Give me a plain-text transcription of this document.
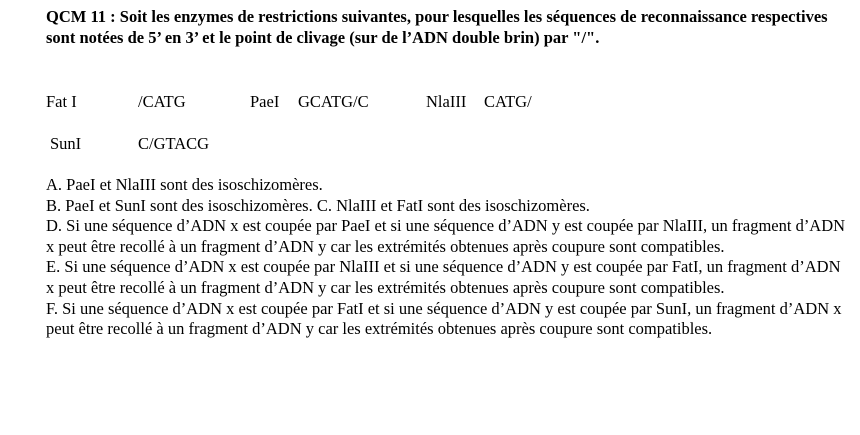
QCM 11 : Soit les enzymes de restrictions suivantes, pour lesquelles les séquences de reconnaissance respectives sont notées de 5’ en 3’ et le point de clivage (sur de l’ADN double brin) par "/".
Fat I	/CATG	PaeI GCATG/C	NlaIII CATG/
SunI	C/GTACG
A. PaeI et NlaIII sont des isoschizomères.
B. PaeI et SunI sont des isoschizomères. C. NlaIII et FatI sont des isoschizomères.
D. Si une séquence d’ADN x est coupée par PaeI et si une séquence d’ADN y est coupée par NlaIII, un fragment d’ADN x peut être recollé à un fragment d’ADN y car les extrémités obtenues après coupure sont compatibles.
E. Si une séquence d’ADN x est coupée par NlaIII et si une séquence d’ADN y est coupée par FatI, un fragment d’ADN x peut être recollé à un fragment d’ADN y car les extrémités obtenues après coupure sont compatibles.
F. Si une séquence d’ADN x est coupée par FatI et si une séquence d’ADN y est coupée par SunI, un fragment d’ADN x peut être recollé à un fragment d’ADN y car les extrémités obtenues après coupure sont compatibles.
